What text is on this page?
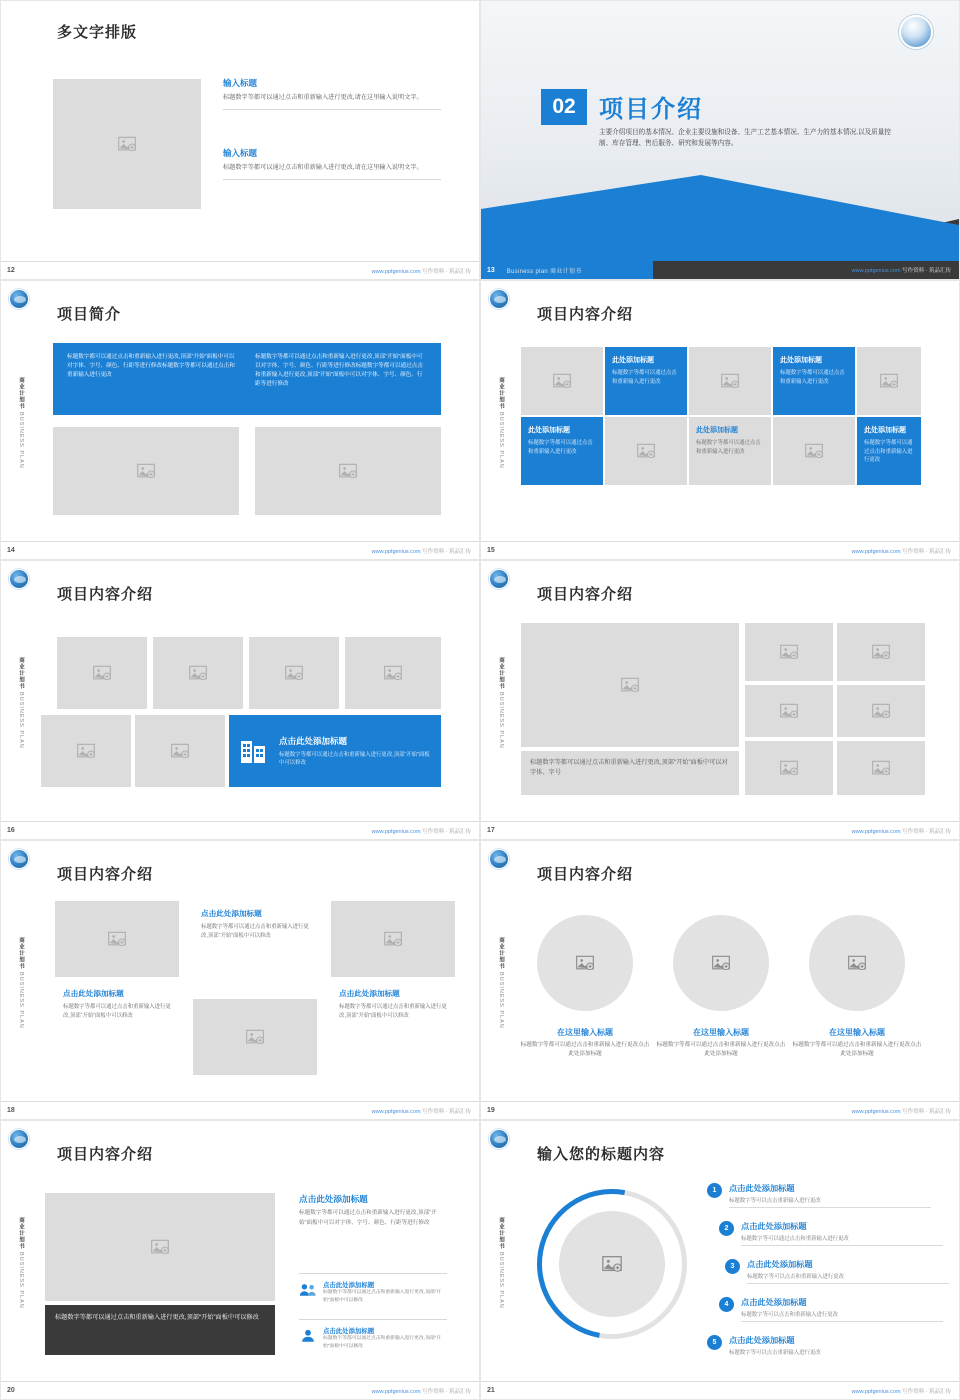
多文字排版
输入标题
标题数字等都可以通过点击和重新输入进行更改,请在这里输入说明文字。
输入标题
标题数字等都可以通过点击和重新输入进行更改,请在这里输入说明文字。
12	www.pptgenius.com 写作资料 · 筑品汇传
02 项目介绍
主要介绍项目的基本情况、企业主要设施和设备、生产工艺基本情况、生产力的基本情况,以及质量控制、库存管理、售后服务、研究和发展等内容。
13 Business plan 商业计划书	www.pptgenius.com 写作资料 · 筑品汇传
商业计划书 BUSINESS PLAN
项目简介
标题数字都可以通过点击和重新输入进行更改,顶部“开始”面板中可以对字体、字号、颜色、行距等进行修改标题数字等都可以通过点击和重新输入进行更改
标题数字等都可以通过点击和重新输入进行更改,顶部“开始”面板中可以对字体、字号、颜色、行距等进行修改标题数字等都可以通过点击和重新输入进行更改,顶部“开始”面板中可以对字体、字号、颜色、行距等进行修改
14	www.pptgenius.com 写作资料 · 筑品汇传
商业计划书 BUSINESS PLAN
项目内容介绍
此处添加标题
标题数字等都可以通过点击和重新输入进行更改
此处添加标题
标题数字等都可以通过点击和重新输入进行更改
此处添加标题
标题数字等都可以通过点击和重新输入进行更改
此处添加标题
标题数字等都可以通过点击和重新输入进行更改
此处添加标题
标题数字等都可以通过点击和重新输入进行更改
15	www.pptgenius.com 写作资料 · 筑品汇传
商业计划书 BUSINESS PLAN
项目内容介绍
点击此处添加标题
标题数字等都可以通过点击和重新输入进行更改,顶部“开始”面板中可以修改
16	www.pptgenius.com 写作资料 · 筑品汇传
商业计划书 BUSINESS PLAN
项目内容介绍
标题数字等都可以通过点击和重新输入进行更改,顶部“开始”面板中可以对字体、字号
17	www.pptgenius.com 写作资料 · 筑品汇传
商业计划书 BUSINESS PLAN
项目内容介绍
点击此处添加标题
标题数字等都可以通过点击和重新输入进行更改,顶部“开始”面板中可以修改
点击此处添加标题
标题数字等都可以通过点击和重新输入进行更改,顶部“开始”面板中可以修改
点击此处添加标题
标题数字等都可以通过点击和重新输入进行更改,顶部“开始”面板中可以修改
18	www.pptgenius.com 写作资料 · 筑品汇传
商业计划书 BUSINESS PLAN
项目内容介绍
在这里输入标题
标题数字等都可以通过点击和重新输入进行更改点击此处添加标题
在这里输入标题
标题数字等都可以通过点击和重新输入进行更改点击此处添加标题
在这里输入标题
标题数字等都可以通过点击和重新输入进行更改点击此处添加标题
19	www.pptgenius.com 写作资料 · 筑品汇传
商业计划书 BUSINESS PLAN
项目内容介绍
标题数字等都可以通过点击和重新输入进行更改,顶部“开始”面板中可以修改
点击此处添加标题
标题数字等都可以通过点击和重新输入进行更改,顶部“开始”面板中可以对字体、字号、颜色、行距等进行修改
点击此处添加标题
标题数字等都可以通过点击和重新输入进行更改,顶部“开始”面板中可以修改
点击此处添加标题
标题数字等都可以通过点击和重新输入进行更改,顶部“开始”面板中可以修改
20	www.pptgenius.com 写作资料 · 筑品汇传
商业计划书 BUSINESS PLAN
输入您的标题内容
1	点击此处添加标题
标题数字等可以点击重新输入进行更改
2	点击此处添加标题
标题数字等可以通过点击和重新输入进行更改
3	点击此处添加标题
标题数字等可以点击和重新输入进行更改
4	点击此处添加标题
标题数字等可以点击和重新输入进行更改
5	点击此处添加标题
标题数字等可以点击重新输入进行更改
21	www.pptgenius.com 写作资料 · 筑品汇传
